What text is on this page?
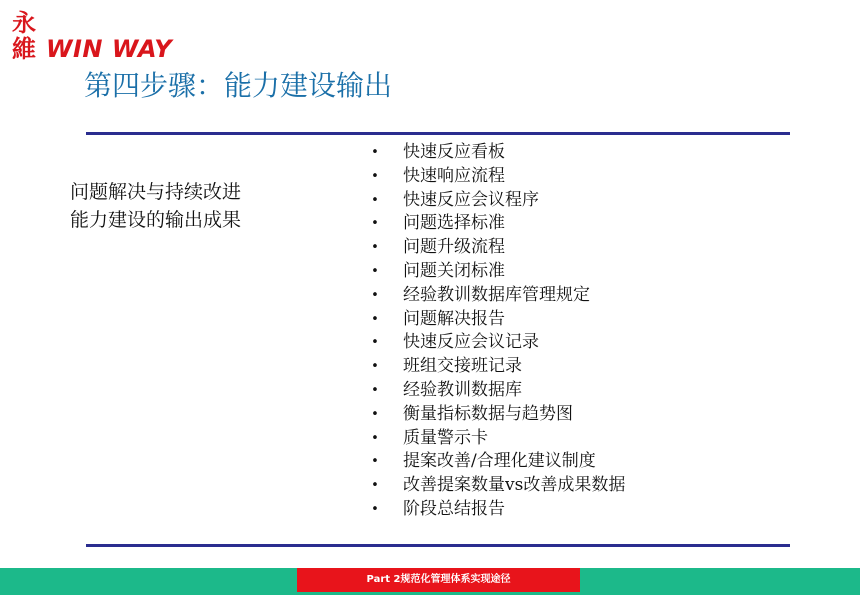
永
維 WIN WAY
第四步骤：能力建设输出
问题解决与持续改进
能力建设的输出成果
• 快速反应看板
• 快速响应流程
• 快速反应会议程序
• 问题选择标准
• 问题升级流程
• 问题关闭标准
• 经验教训数据库管理规定
• 问题解决报告
• 快速反应会议记录
• 班组交接班记录
• 经验教训数据库
• 衡量指标数据与趋势图
• 质量警示卡
• 提案改善/合理化建议制度
• 改善提案数量vs改善成果数据
• 阶段总结报告
Part 2规范化管理体系实现途径
